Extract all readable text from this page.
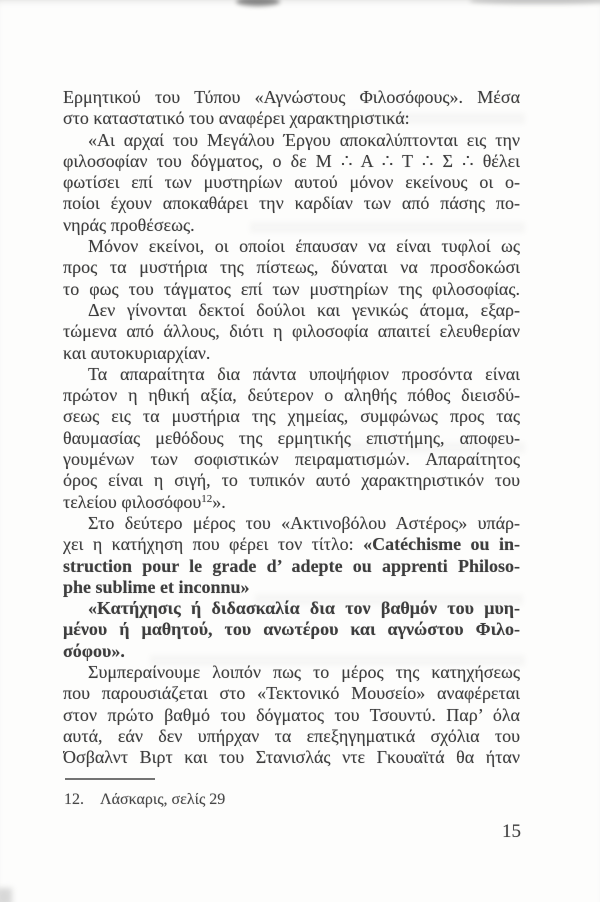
Ερμητικού του Τύπου «Αγνώστους Φιλοσόφους». Μέσα
στο καταστατικό του αναφέρει χαρακτηριστικά:
«Αι αρχαί του Μεγάλου Έργου αποκαλύπτονται εις την
φιλοσοφίαν του δόγματος, ο δε Μ ∴ Α ∴ Τ ∴ Σ ∴ θέλει
φωτίσει επί των μυστηρίων αυτού μόνον εκείνους οι ο-
ποίοι έχουν αποκαθάρει την καρδίαν των από πάσης πο-
νηράς προθέσεως.
Μόνον εκείνοι, οι οποίοι έπαυσαν να είναι τυφλοί ως
προς τα μυστήρια της πίστεως, δύναται να προσδοκώσι
το φως του τάγματος επί των μυστηρίων της φιλοσοφίας.
Δεν γίνονται δεκτοί δούλοι και γενικώς άτομα, εξαρ-
τώμενα από άλλους, διότι η φιλοσοφία απαιτεί ελευθερίαν
και αυτοκυριαρχίαν.
Τα απαραίτητα δια πάντα υποψήφιον προσόντα είναι
πρώτον η ηθική αξία, δεύτερον ο αληθής πόθος διεισδύ-
σεως εις τα μυστήρια της χημείας, συμφώνως προς τας
θαυμασίας μεθόδους της ερμητικής επιστήμης, αποφευ-
γουμένων των σοφιστικών πειραματισμών. Απαραίτητος
όρος είναι η σιγή, το τυπικόν αυτό χαρακτηριστικόν του
τελείου φιλοσόφου$^{12}$».
Στο δεύτερο μέρος του «Ακτινοβόλου Αστέρος» υπάρ-
χει η κατήχηση που φέρει τον τίτλο: «Catéchisme ou in-
struction pour le grade d’ adepte ou apprenti Philoso-
phe sublime et inconnu»
«Κατήχησις ή διδασκαλία δια τον βαθμόν του μυη-
μένου ή μαθητού, του ανωτέρου και αγνώστου Φιλο-
σόφου».
Συμπεραίνουμε λοιπόν πως το μέρος της κατηχήσεως
που παρουσιάζεται στο «Τεκτονικό Μουσείο» αναφέρεται
στον πρώτο βαθμό του δόγματος του Τσουντύ. Παρ’ όλα
αυτά, εάν δεν υπήρχαν τα επεξηγηματικά σχόλια του
Όσβαλντ Βιρτ και του Στανισλάς ντε Γκουαϊτά θα ήταν
12. Λάσκαρις, σελίς 29
15
